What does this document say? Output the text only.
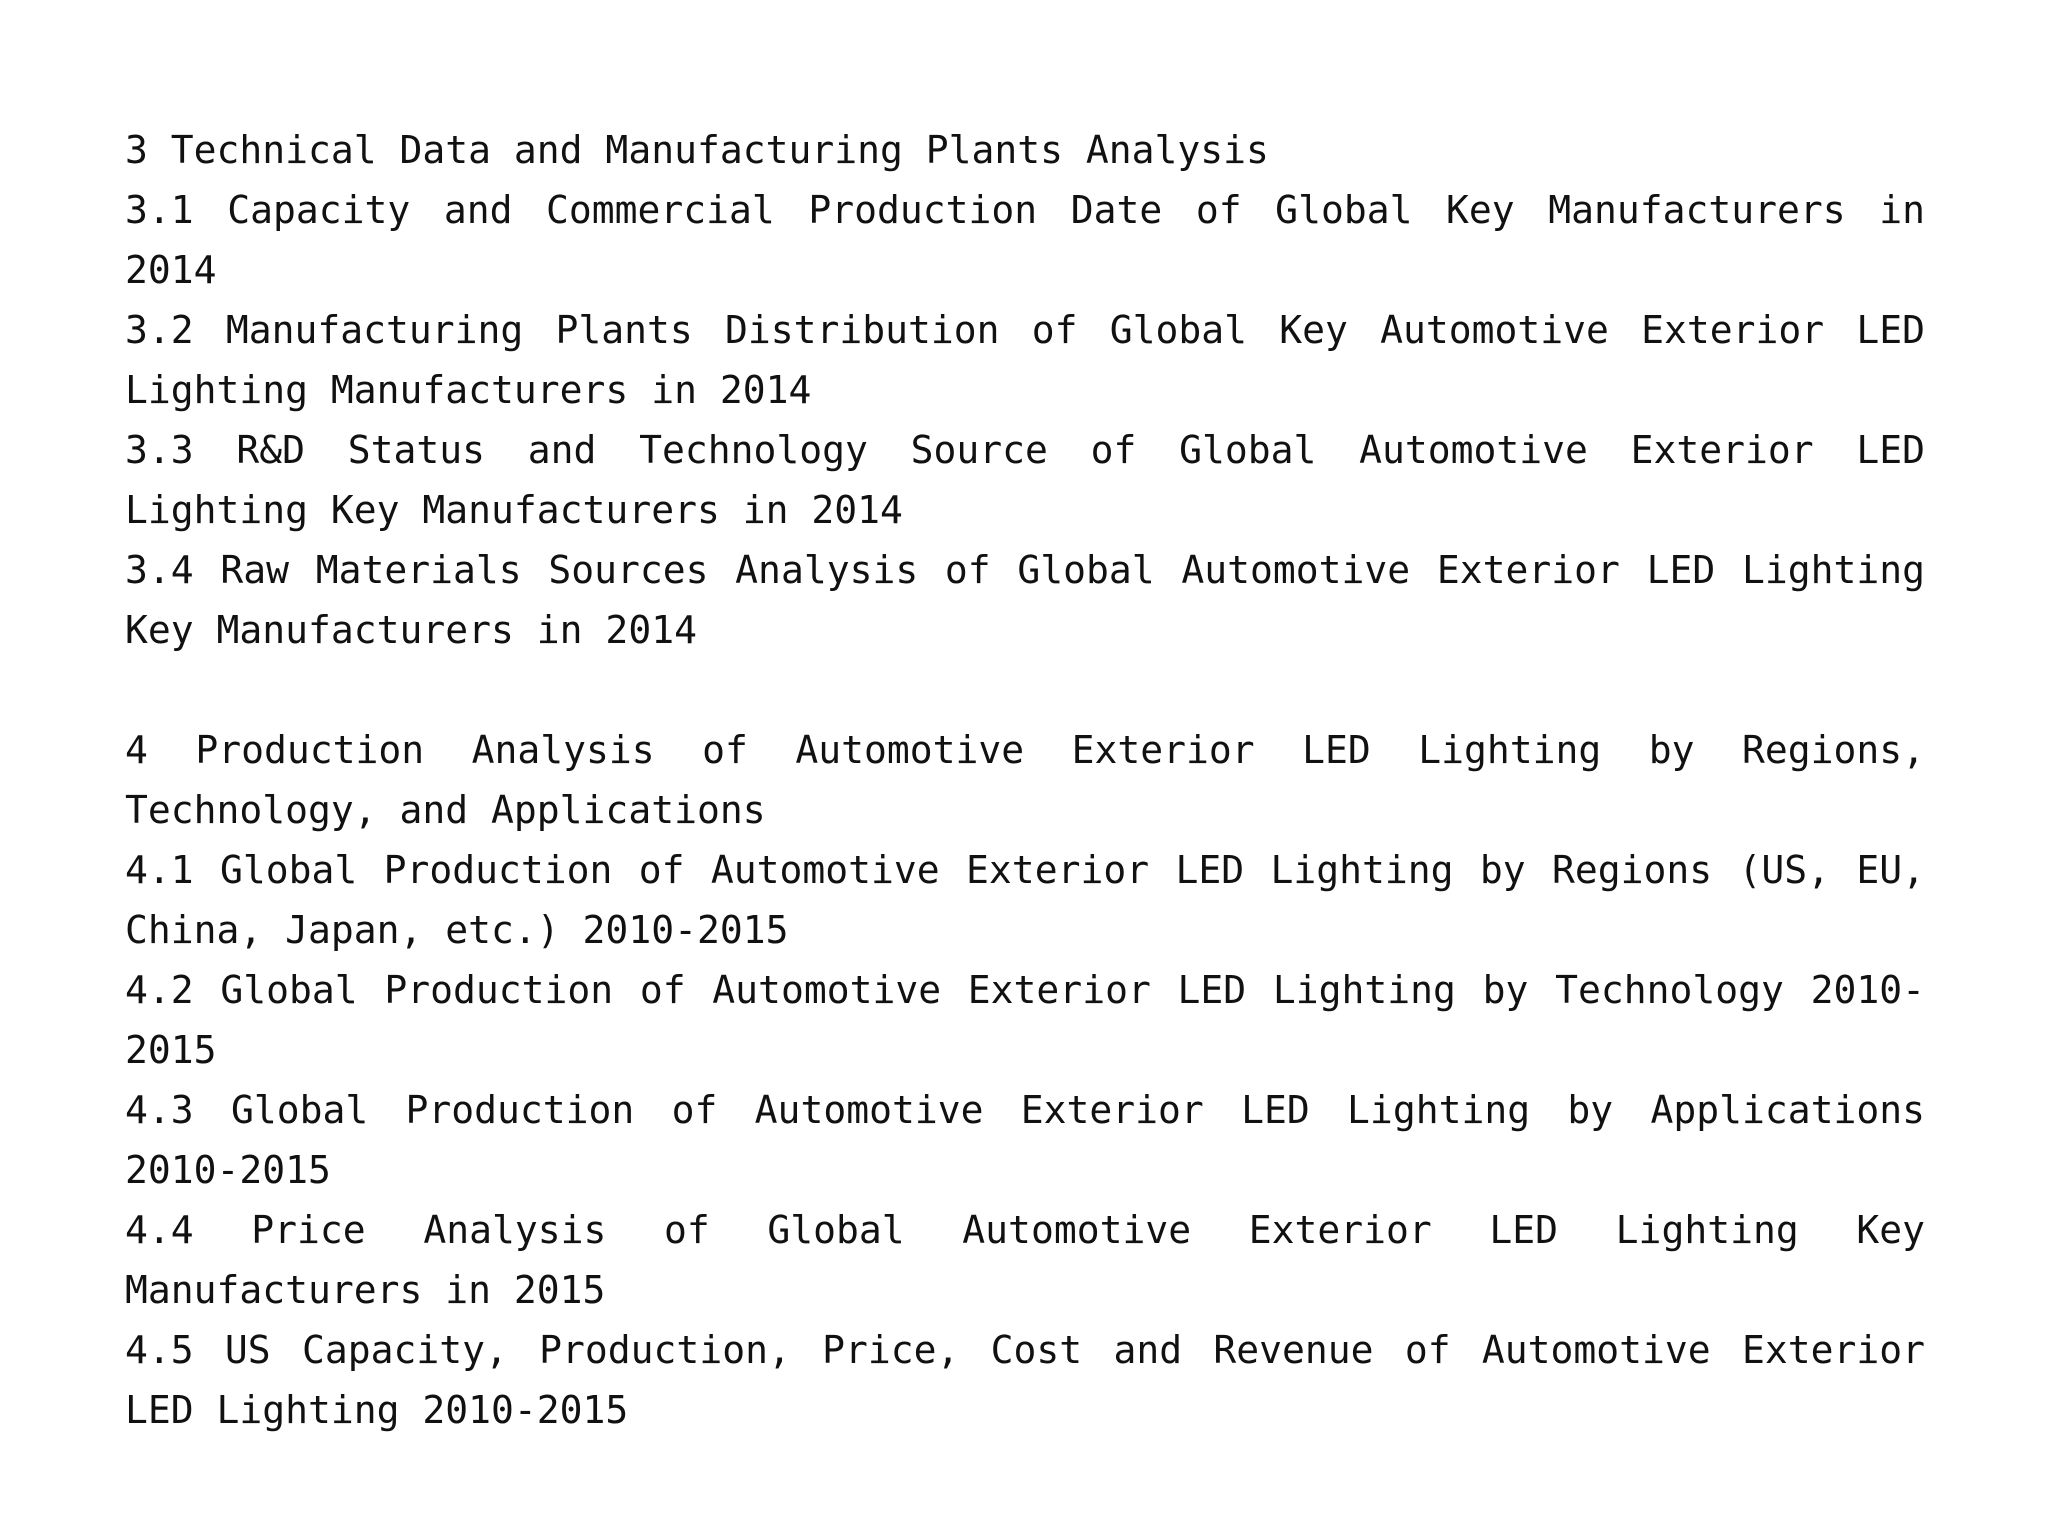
3 Technical Data and Manufacturing Plants Analysis

3.1 Capacity and Commercial Production Date of Global Key Manufacturers in 2014

3.2 Manufacturing Plants Distribution of Global Key Automotive Exterior LED Lighting Manufacturers in 2014

3.3 R&D Status and Technology Source of Global Automotive Exterior LED Lighting Key Manufacturers in 2014

3.4 Raw Materials Sources Analysis of Global Automotive Exterior LED Lighting Key Manufacturers in 2014

4 Production Analysis of Automotive Exterior LED Lighting by Regions, Technology, and Applications

4.1 Global Production of Automotive Exterior LED Lighting by Regions (US, EU, China, Japan, etc.) 2010-2015

4.2 Global Production of Automotive Exterior LED Lighting by Technology 2010-2015

4.3 Global Production of Automotive Exterior LED Lighting by Applications 2010-2015

4.4 Price Analysis of Global Automotive Exterior LED Lighting Key Manufacturers in 2015

4.5 US Capacity, Production, Price, Cost and Revenue of Automotive Exterior LED Lighting 2010-2015
